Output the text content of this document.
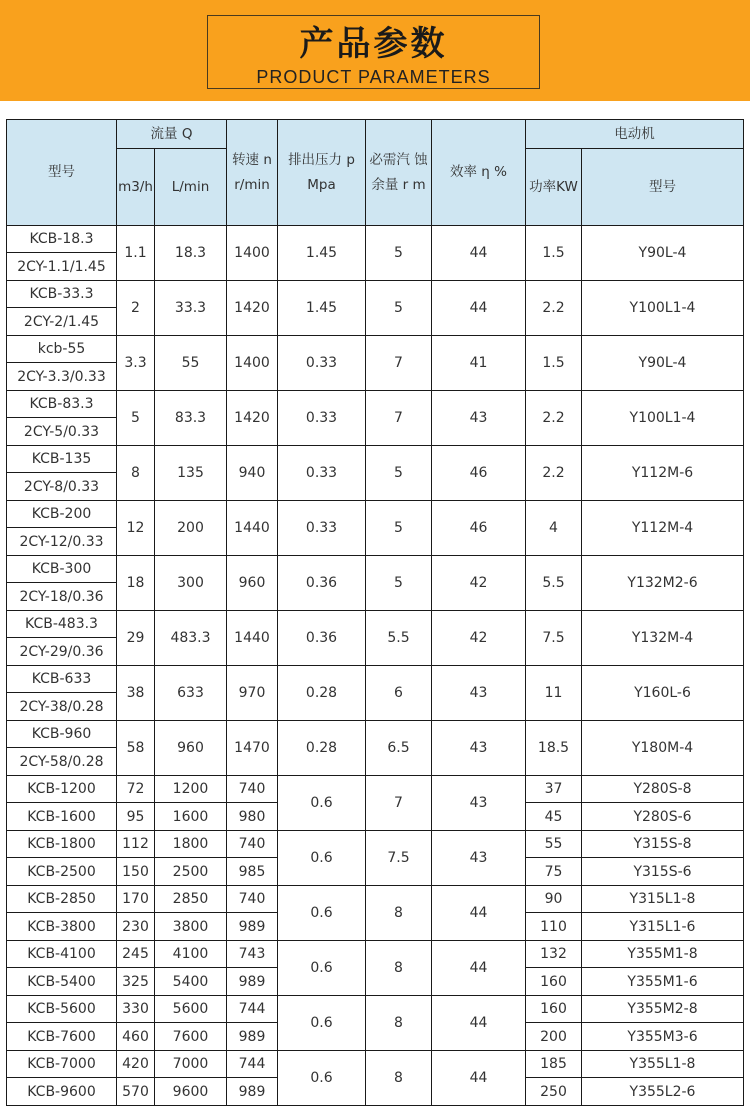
产品参数
PRODUCT PARAMETERS
型号	流量 Q		转速 n r/min	排出压力 p Mpa	必需汽 蚀余量 r m	效率 η %	电动机	
	m3/h	L/min					功率KW	型号
KCB-18.3	1.1	18.3	1400	1.45	5	44	1.5	Y90L-4
2CY-1.1/1.45								
KCB-33.3	2	33.3	1420	1.45	5	44	2.2	Y100L1-4
2CY-2/1.45								
kcb-55	3.3	55	1400	0.33	7	41	1.5	Y90L-4
2CY-3.3/0.33								
KCB-83.3	5	83.3	1420	0.33	7	43	2.2	Y100L1-4
2CY-5/0.33								
KCB-135	8	135	940	0.33	5	46	2.2	Y112M-6
2CY-8/0.33								
KCB-200	12	200	1440	0.33	5	46	4	Y112M-4
2CY-12/0.33								
KCB-300	18	300	960	0.36	5	42	5.5	Y132M2-6
2CY-18/0.36								
KCB-483.3	29	483.3	1440	0.36	5.5	42	7.5	Y132M-4
2CY-29/0.36								
KCB-633	38	633	970	0.28	6	43	11	Y160L-6
2CY-38/0.28								
KCB-960	58	960	1470	0.28	6.5	43	18.5	Y180M-4
2CY-58/0.28								
KCB-1200	72	1200	740	0.6	7	43	37	Y280S-8
KCB-1600	95	1600	980				45	Y280S-6
KCB-1800	112	1800	740	0.6	7.5	43	55	Y315S-8
KCB-2500	150	2500	985				75	Y315S-6
KCB-2850	170	2850	740	0.6	8	44	90	Y315L1-8
KCB-3800	230	3800	989				110	Y315L1-6
KCB-4100	245	4100	743	0.6	8	44	132	Y355M1-8
KCB-5400	325	5400	989				160	Y355M1-6
KCB-5600	330	5600	744	0.6	8	44	160	Y355M2-8
KCB-7600	460	7600	989				200	Y355M3-6
KCB-7000	420	7000	744	0.6	8	44	185	Y355L1-8
KCB-9600	570	9600	989				250	Y355L2-6
